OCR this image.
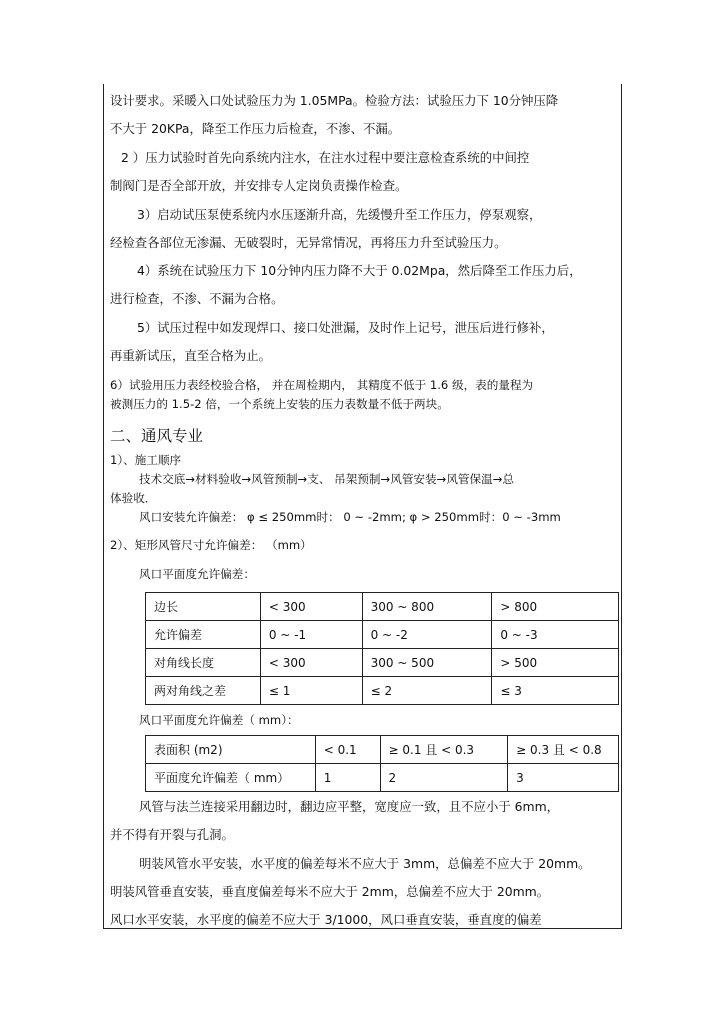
设计要求。采暖入口处试验压力为 1.05MPa。检验方法：试验压力下 10分钟压降
不大于 20KPa，降至工作压力后检查，不渗、不漏。
2 ）压力试验时首先向系统内注水，在注水过程中要注意检查系统的中间控
制阀门是否全部开放，并安排专人定岗负责操作检查。
3）启动试压泵使系统内水压逐渐升高，先缓慢升至工作压力，停泵观察，
经检查各部位无渗漏、无破裂时，无异常情况，再将压力升至试验压力。
4）系统在试验压力下 10分钟内压力降不大于 0.02Mpa，然后降至工作压力后，
进行检查，不渗、不漏为合格。
5）试压过程中如发现焊口、接口处泄漏，及时作上记号，泄压后进行修补，
再重新试压，直至合格为止。
6）试验用压力表经校验合格， 并在周检期内， 其精度不低于 1.6 级，表的量程为
被测压力的 1.5-2 倍，一个系统上安装的压力表数量不低于两块。
二、通风专业
1）、施工顺序
技术交底→材料验收→风管预制→支、 吊架预制→风管安装→风管保温→总
体验收．
风口安装允许偏差： φ ≤ 250mm时： 0 ~ -2mm; φ > 250mm时：0 ~ -3mm
2）、矩形风管尺寸允许偏差： （mm）
风口平面度允许偏差：
边长	< 300	300 ~ 800	> 800
允许偏差	0 ~ -1	0 ~ -2	0 ~ -3
对角线长度	< 300	300 ~ 500	> 500
两对角线之差	≤ 1	≤ 2	≤ 3
风口平面度允许偏差（ mm）：
表面积 (m2)	< 0.1	≥ 0.1 且 < 0.3	≥ 0.3 且 < 0.8
平面度允许偏差（ mm）	1	2	3
风管与法兰连接采用翻边时，翻边应平整，宽度应一致，且不应小于 6mm，
并不得有开裂与孔洞。
明装风管水平安装，水平度的偏差每米不应大于 3mm，总偏差不应大于 20mm。
明装风管垂直安装，垂直度偏差每米不应大于 2mm，总偏差不应大于 20mm。
风口水平安装，水平度的偏差不应大于 3/1000，风口垂直安装，垂直度的偏差
